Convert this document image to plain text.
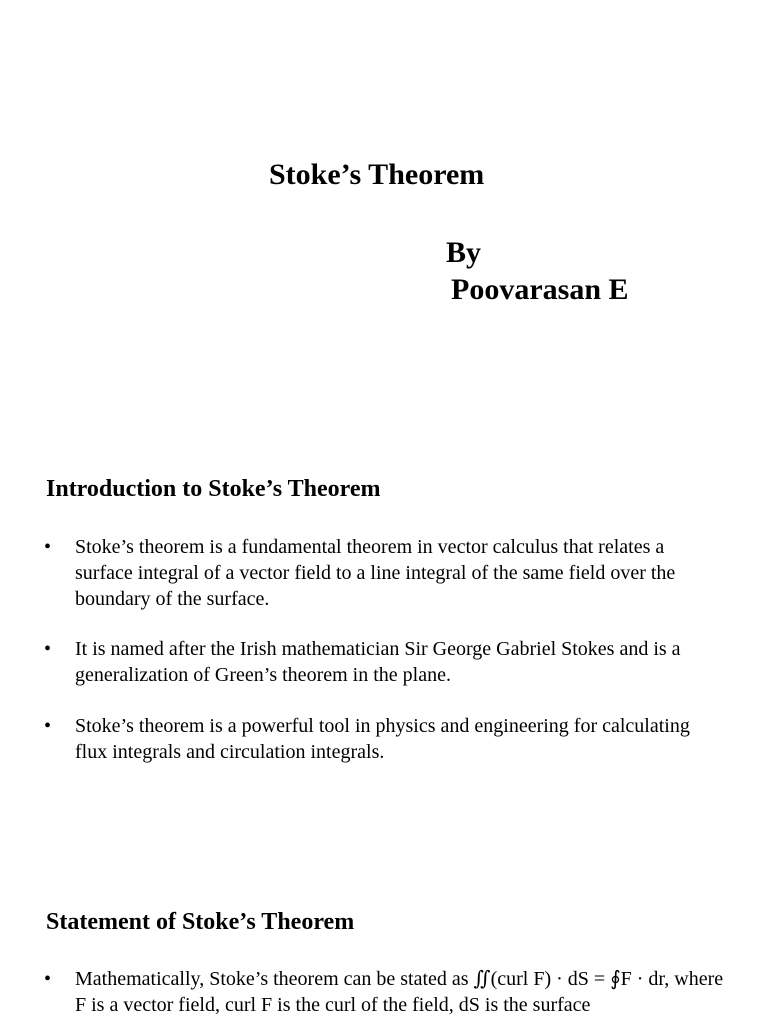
Stoke’s Theorem
By
Poovarasan E
Introduction to Stoke’s Theorem
• Stoke’s theorem is a fundamental theorem in vector calculus that relates a surface integral of a vector field to a line integral of the same field over the boundary of the surface.
• It is named after the Irish mathematician Sir George Gabriel Stokes and is a generalization of Green’s theorem in the plane.
• Stoke’s theorem is a powerful tool in physics and engineering for calculating flux integrals and circulation integrals.
Statement of Stoke’s Theorem
• Mathematically, Stoke’s theorem can be stated as ∬(curl F) · dS = ∮F · dr, where F is a vector field, curl F is the curl of the field, dS is the surface
